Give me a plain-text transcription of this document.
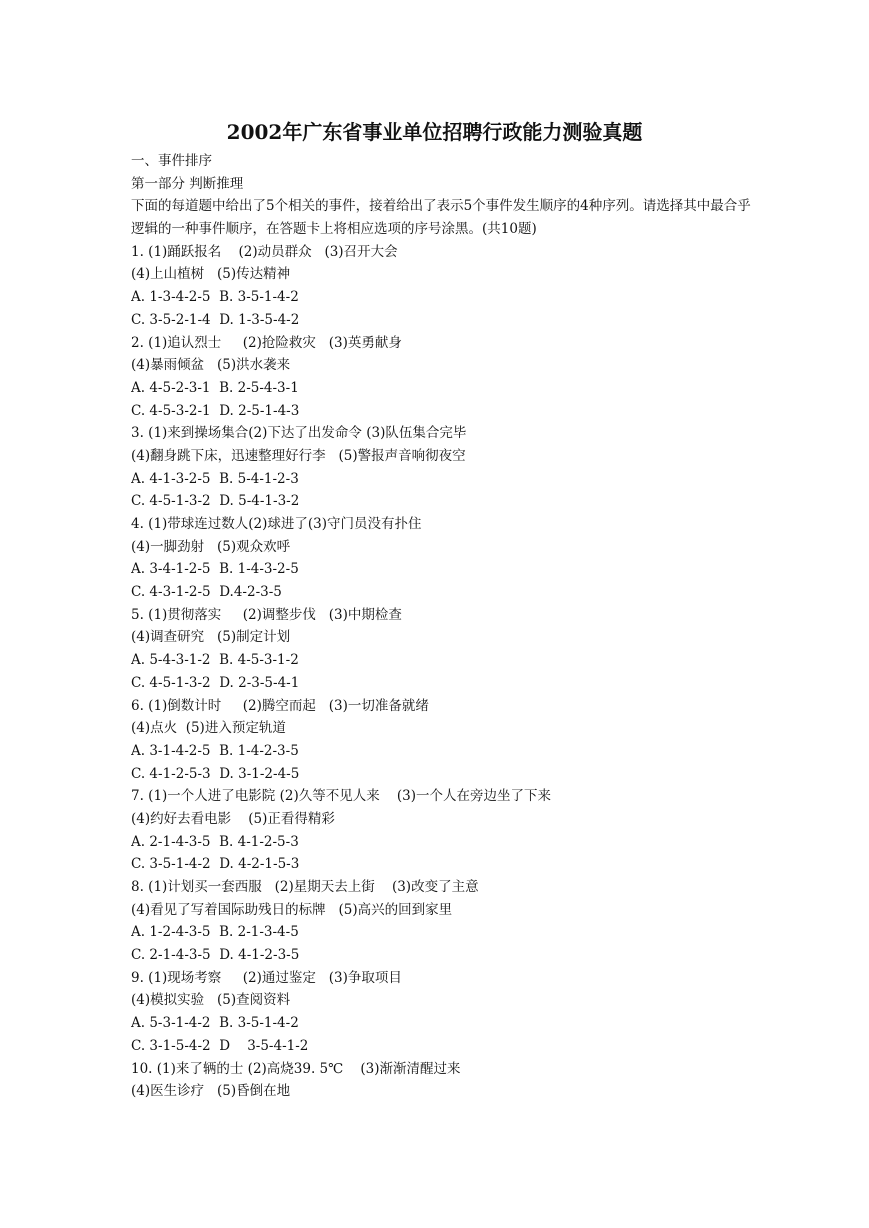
2002年广东省事业单位招聘行政能力测验真题
一、事件排序
第一部分 判断推理
下面的每道题中给出了5个相关的事件，接着给出了表示5个事件发生顺序的4种序列。请选择其中最合乎逻辑的一种事件顺序，在答题卡上将相应选项的序号涂黑。(共10题)
1. (1)踊跃报名    (2)动员群众   (3)召开大会
(4)上山植树   (5)传达精神
A. 1-3-4-2-5  B. 3-5-1-4-2
C. 3-5-2-1-4  D. 1-3-5-4-2
2. (1)追认烈士     (2)抢险救灾   (3)英勇献身
(4)暴雨倾盆   (5)洪水袭来
A. 4-5-2-3-1  B. 2-5-4-3-1
C. 4-5-3-2-1  D. 2-5-1-4-3
3. (1)来到操场集合(2)下达了出发命令 (3)队伍集合完毕
(4)翻身跳下床，迅速整理好行李   (5)警报声音响彻夜空
A. 4-1-3-2-5  B. 5-4-1-2-3
C. 4-5-1-3-2  D. 5-4-1-3-2
4. (1)带球连过数人(2)球进了(3)守门员没有扑住
(4)一脚劲射   (5)观众欢呼
A. 3-4-1-2-5  B. 1-4-3-2-5
C. 4-3-1-2-5  D.4-2-3-5
5. (1)贯彻落实     (2)调整步伐   (3)中期检查
(4)调查研究   (5)制定计划
A. 5-4-3-1-2  B. 4-5-3-1-2
C. 4-5-1-3-2  D. 2-3-5-4-1
6. (1)倒数计时     (2)腾空而起   (3)一切准备就绪
(4)点火  (5)进入预定轨道
A. 3-1-4-2-5  B. 1-4-2-3-5
C. 4-1-2-5-3  D. 3-1-2-4-5
7. (1)一个人进了电影院 (2)久等不见人来    (3)一个人在旁边坐了下来
(4)约好去看电影    (5)正看得精彩
A. 2-1-4-3-5  B. 4-1-2-5-3
C. 3-5-1-4-2  D. 4-2-1-5-3
8. (1)计划买一套西服   (2)星期天去上街    (3)改变了主意
(4)看见了写着国际助残日的标牌   (5)高兴的回到家里
A. 1-2-4-3-5  B. 2-1-3-4-5
C. 2-1-4-3-5  D. 4-1-2-3-5
9. (1)现场考察     (2)通过鉴定   (3)争取项目
(4)模拟实验   (5)查阅资料
A. 5-3-1-4-2  B. 3-5-1-4-2
C. 3-1-5-4-2  D    3-5-4-1-2
10. (1)来了辆的士 (2)高烧39. 5℃    (3)渐渐清醒过来
(4)医生诊疗   (5)昏倒在地
